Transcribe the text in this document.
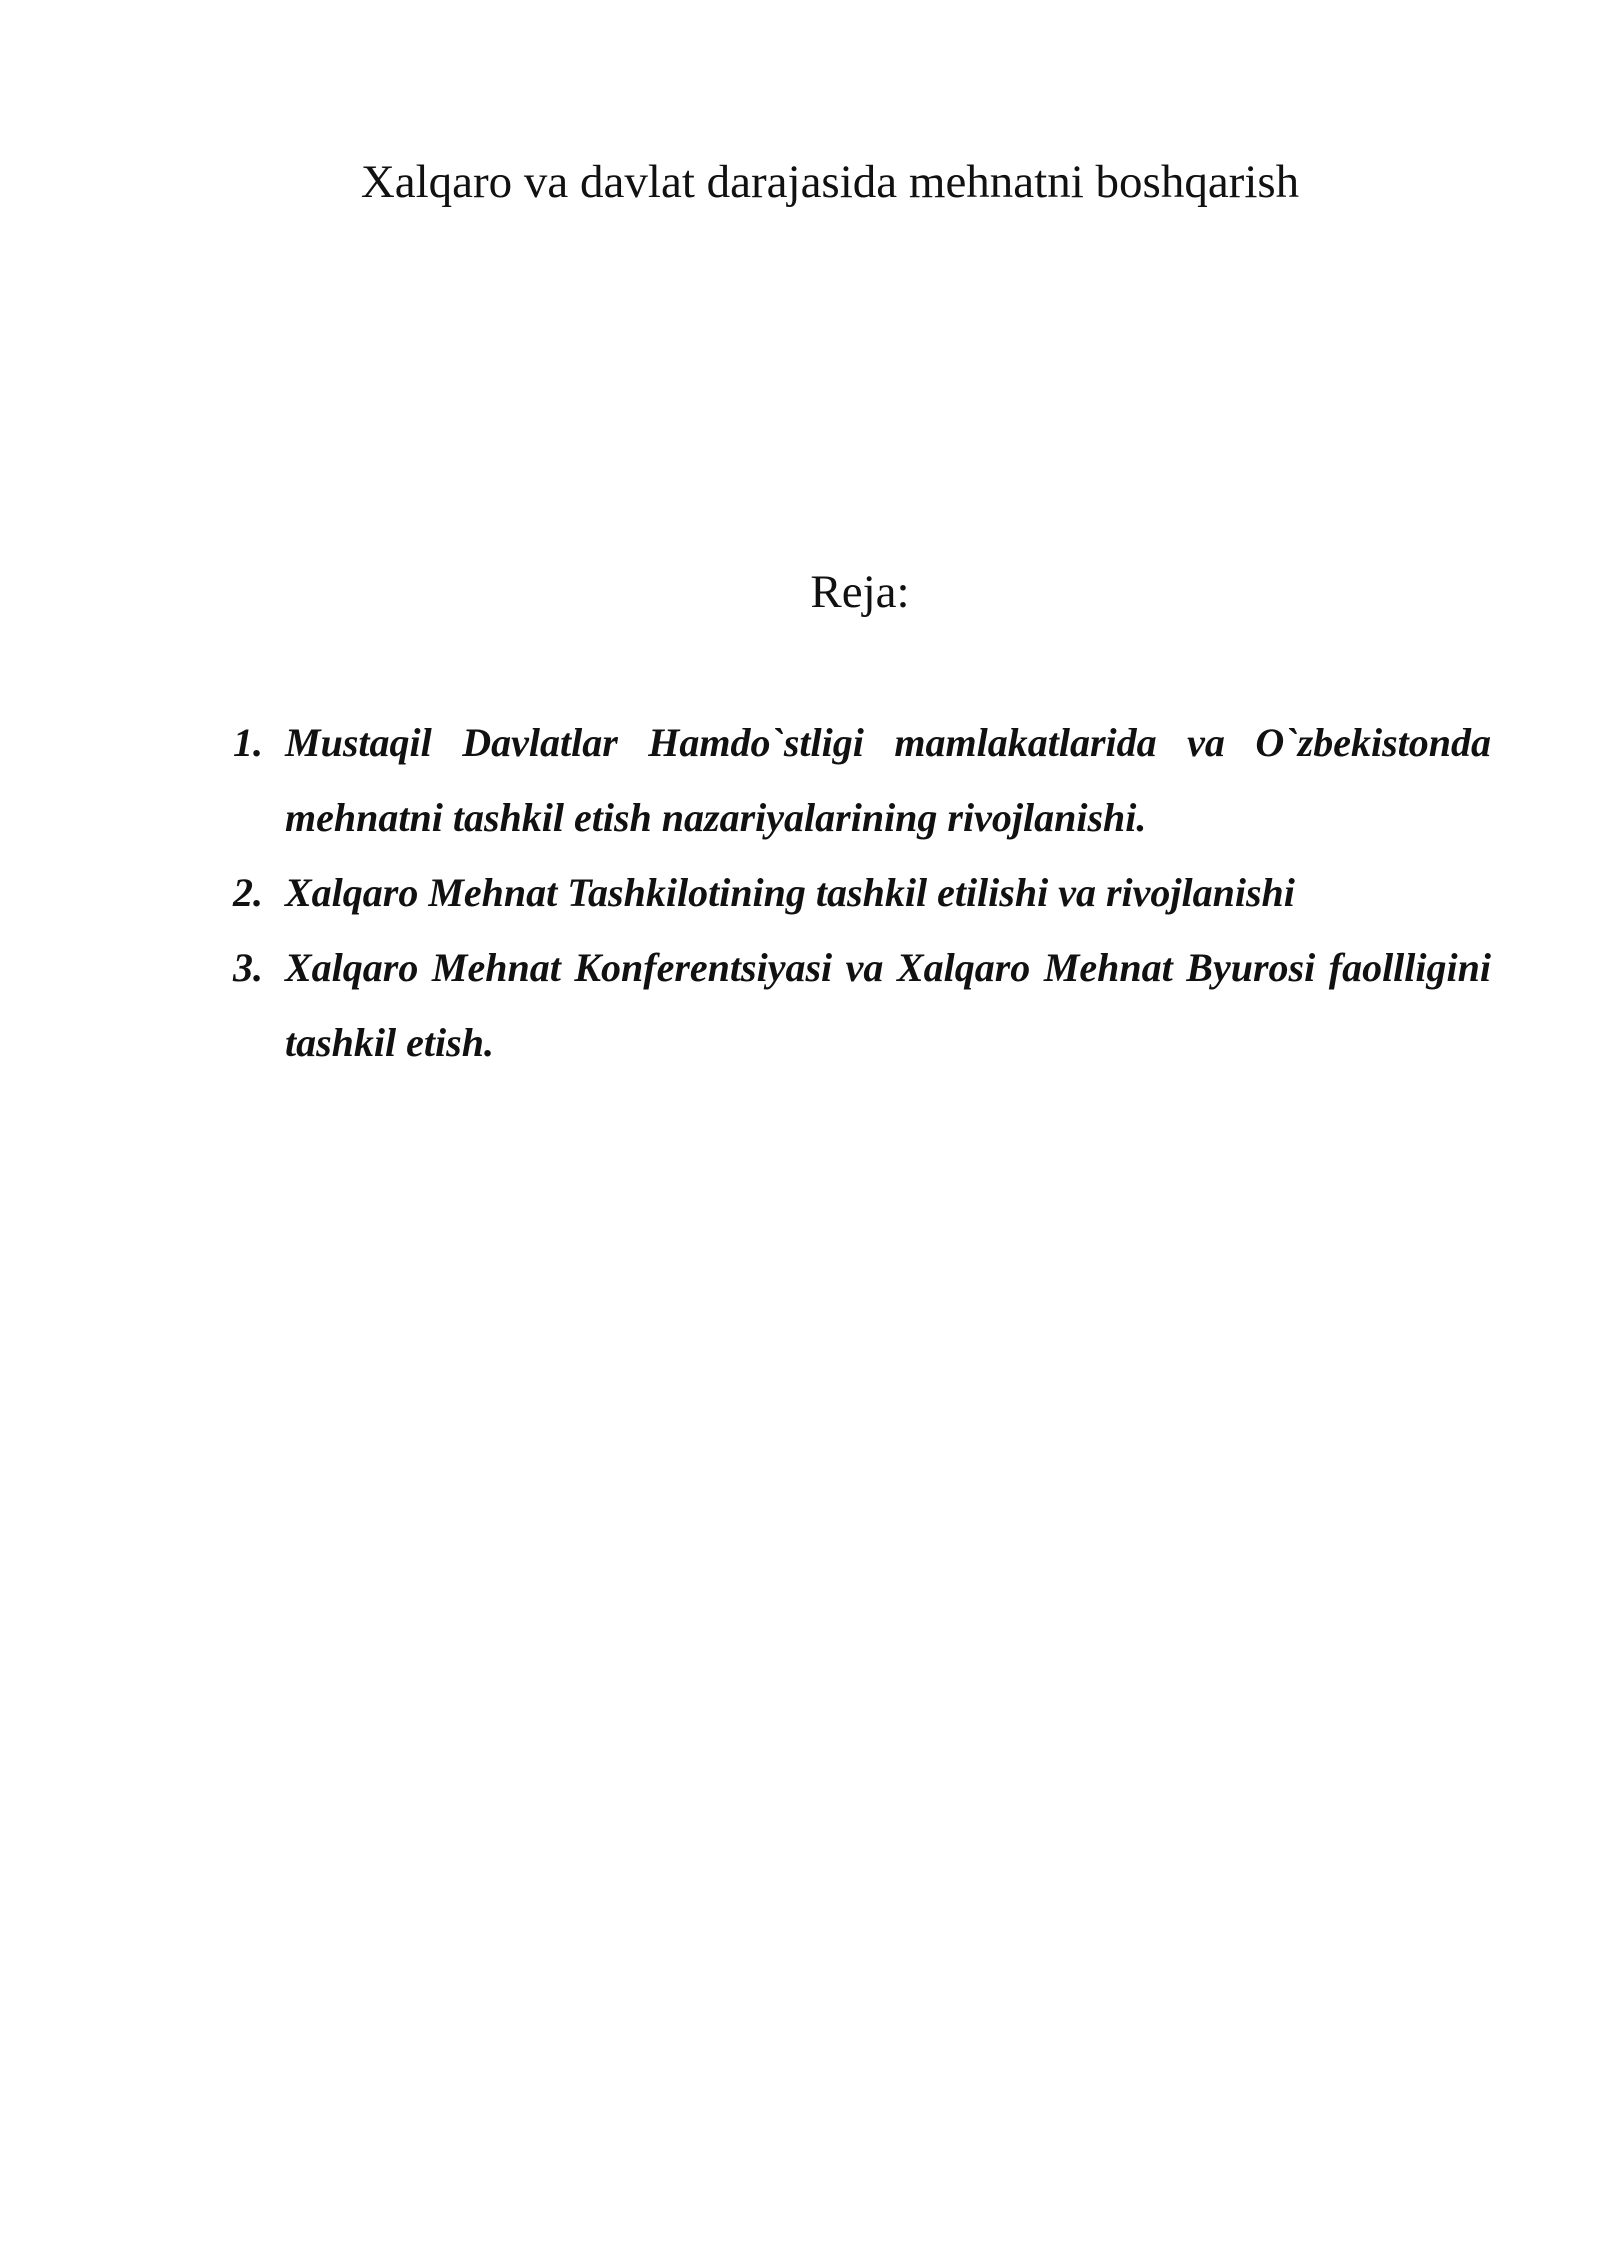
Xalqaro va davlat darajasida mehnatni boshqarish
Reja:
1. Mustaqil Davlatlar Hamdo`stligi mamlakatlarida va O`zbekistonda mehnatni tashkil etish nazariyalarining rivojlanishi.
2. Xalqaro Mehnat Tashkilotining tashkil etilishi va rivojlanishi
3. Xalqaro Mehnat Konferentsiyasi va Xalqaro Mehnat Byurosi faollligini tashkil etish.
